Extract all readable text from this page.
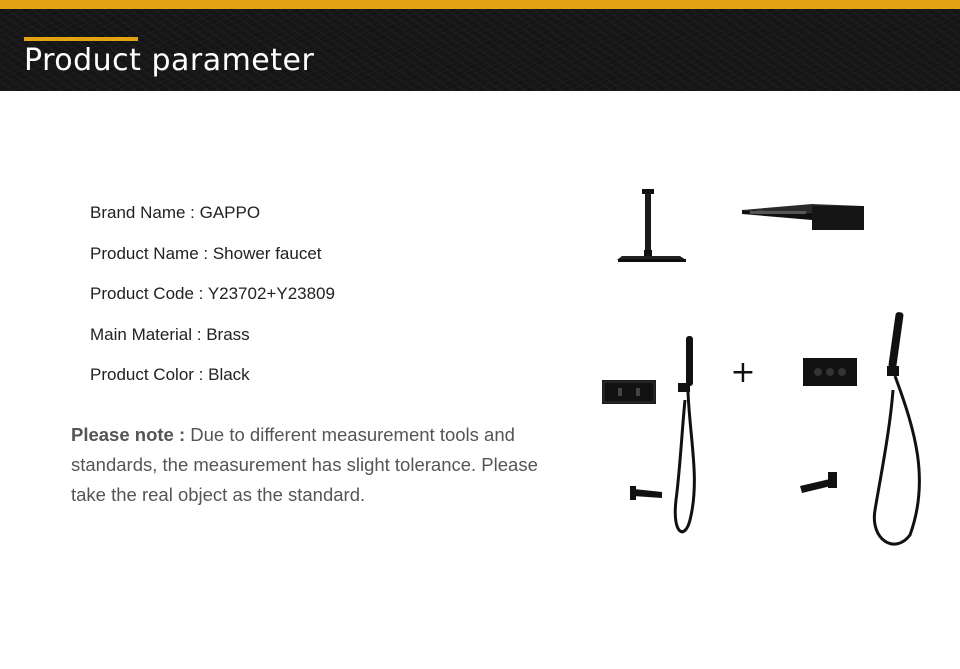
Product parameter
Brand Name : GAPPO
Product Name : Shower faucet
Product Code : Y23702+Y23809
Main Material : Brass
Product Color : Black
Please note : Due to different measurement tools and standards, the measurement has slight tolerance. Please take the real object as the standard.
+
